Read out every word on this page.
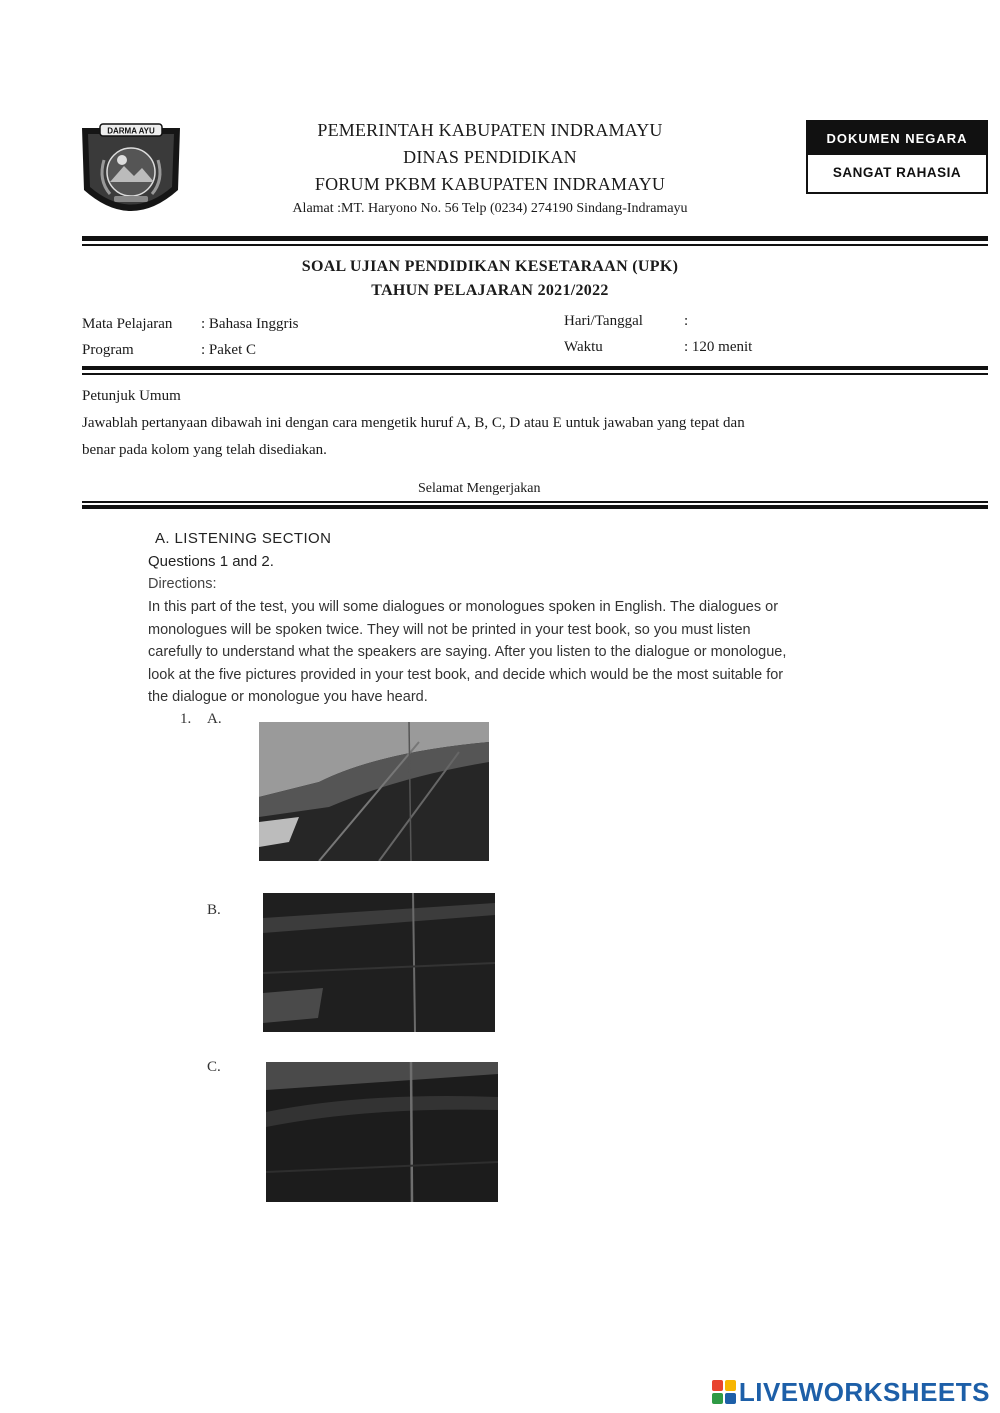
DARMA AYU	PEMERINTAH KABUPATEN INDRAMAYU
DINAS PENDIDIKAN
FORUM PKBM KABUPATEN INDRAMAYU
Alamat :MT. Haryono No. 56 Telp (0234) 274190 Sindang-Indramayu
DOKUMEN NEGARA
SANGAT RAHASIA
SOAL UJIAN PENDIDIKAN KESETARAAN (UPK)
TAHUN PELAJARAN 2021/2022
Mata Pelajaran : Bahasa Inggris
Program	: Paket C
Hari/Tanggal	:
Waktu	: 120 menit
Petunjuk Umum
Jawablah pertanyaan dibawah ini dengan cara mengetik huruf A, B, C, D atau E untuk jawaban yang tepat dan
benar pada kolom yang telah disediakan.
Selamat Mengerjakan
A. LISTENING SECTION
Questions 1 and 2.
Directions:
In this part of the test, you will some dialogues or monologues spoken in English. The dialogues or
monologues will be spoken twice. They will not be printed in your test book, so you must listen
carefully to understand what the speakers are saying. After you listen to the dialogue or monologue,
look at the five pictures provided in your test book, and decide which would be the most suitable for
the dialogue or monologue you have heard.
1. A.
B.
C.
LIVEWORKSHEETS
